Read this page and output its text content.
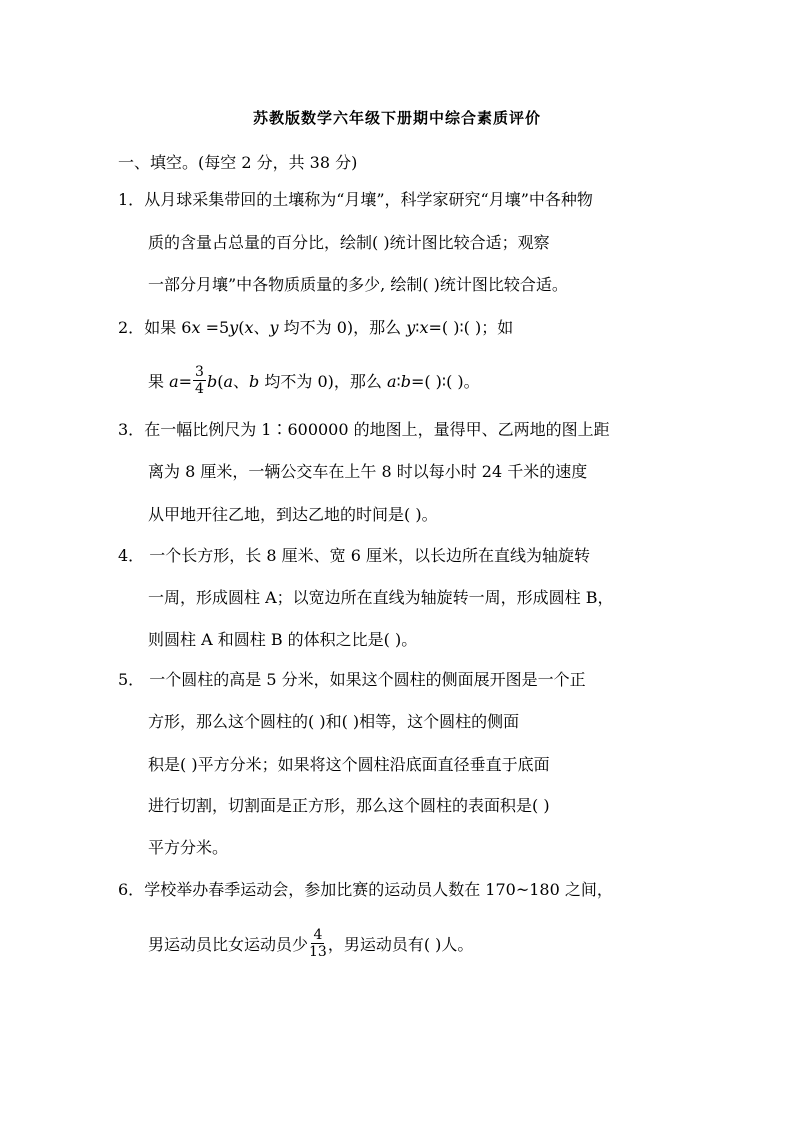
苏教版数学六年级下册期中综合素质评价
一、填空。(每空 2 分，共 38 分)
1．从月球采集带回的土壤称为“月壤”，科学家研究“月壤”中各种物
质的含量占总量的百分比，绘制( )统计图比较合适；观察
一部分月壤”中各物质质量的多少, 绘制( )统计图比较合适。
2．如果 6x =5y(x、y 均不为 0)，那么 y∶x=( )∶( )；如
果 $a= \frac{3}{4} b(a$、b 均不为 0)，那么 a∶b=( )∶( )。
3．在一幅比例尺为 1∶600000 的地图上，量得甲、乙两地的图上距
离为 8 厘米，一辆公交车在上午 8 时以每小时 24 千米的速度
从甲地开往乙地，到达乙地的时间是( )。
4． 一个长方形，长 8 厘米、宽 6 厘米，以长边所在直线为轴旋转
一周，形成圆柱 A；以宽边所在直线为轴旋转一周，形成圆柱 B，
则圆柱 A 和圆柱 B 的体积之比是( )。
5． 一个圆柱的高是 5 分米，如果这个圆柱的侧面展开图是一个正
方形，那么这个圆柱的( )和( )相等，这个圆柱的侧面
积是( )平方分米；如果将这个圆柱沿底面直径垂直于底面
进行切割，切割面是正方形，那么这个圆柱的表面积是( )
平方分米。
6．学校举办春季运动会，参加比赛的运动员人数在 170~180 之间，
男运动员比女运动员少 $\frac{4}{13}$ ，男运动员有( )人。
